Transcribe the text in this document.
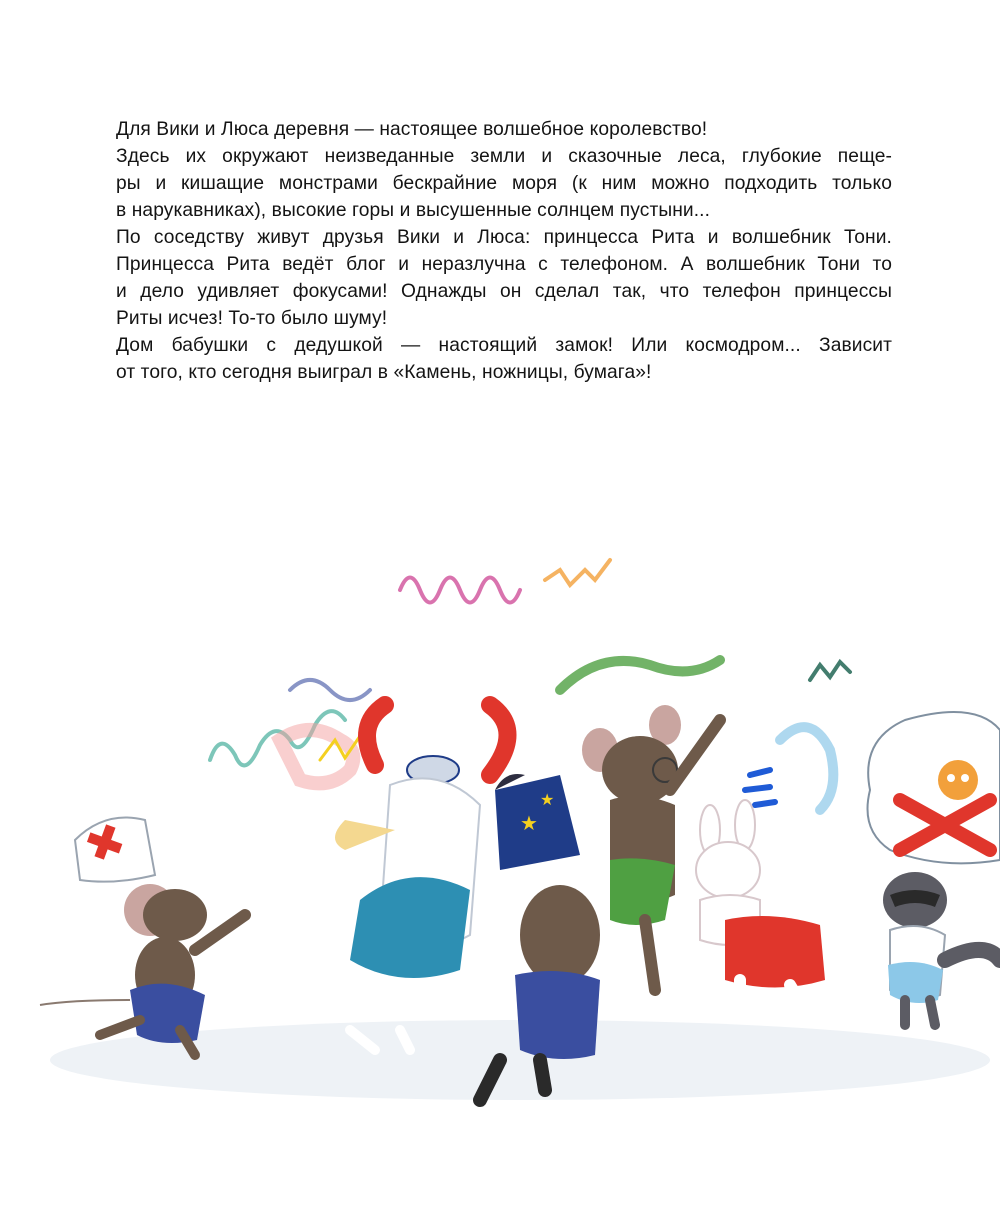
Для Вики и Люса деревня — настоящее волшебное королевство!
Здесь их окружают неизведанные земли и сказочные леса, глубокие пеще-
ры и кишащие монстрами бескрайние моря (к ним можно подходить только
в нарукавниках), высокие горы и высушенные солнцем пустыни...
По соседству живут друзья Вики и Люса: принцесса Рита и волшебник Тони.
Принцесса Рита ведёт блог и неразлучна с телефоном. А волшебник Тони то
и дело удивляет фокусами! Однажды он сделал так, что телефон принцессы
Риты исчез! То-то было шуму!
Дом бабушки с дедушкой — настоящий замок! Или космодром... Зависит
от того, кто сегодня выиграл в «Камень, ножницы, бумага»!
★
★
